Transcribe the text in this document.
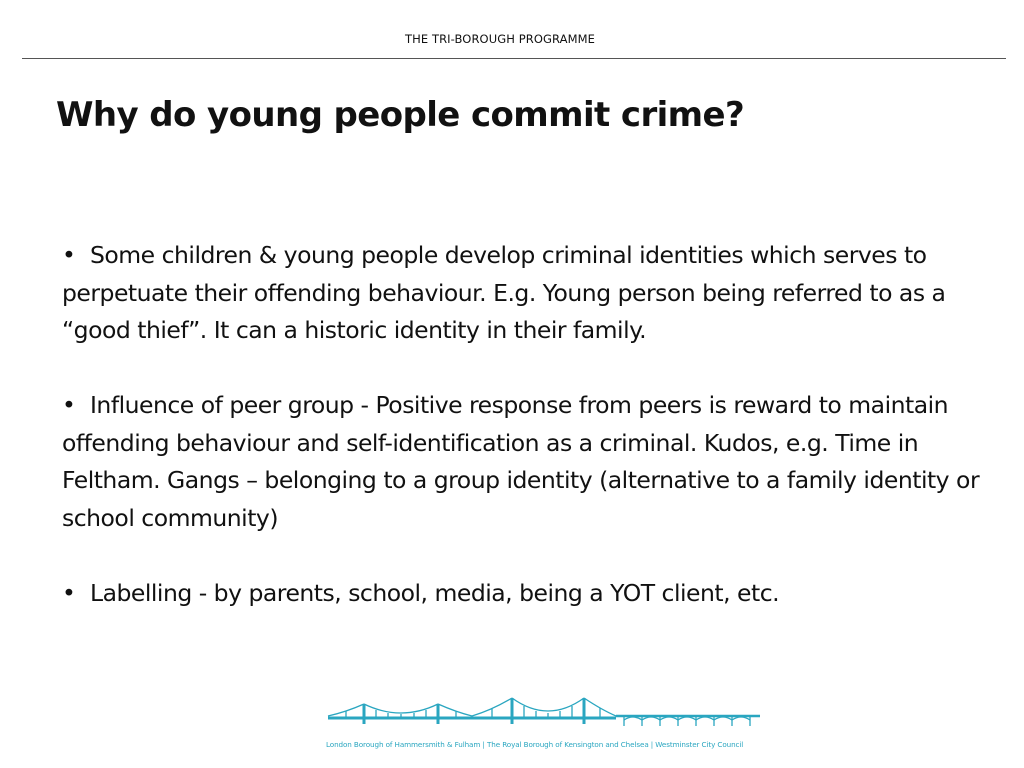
THE TRI-BOROUGH PROGRAMME
Why do young people commit crime?
• Some children & young people develop criminal identities which serves to perpetuate their offending behaviour. E.g. Young person being referred to as a “good thief”. It can a historic identity in their family.
• Influence of peer group - Positive response from peers is reward to maintain offending behaviour and self-identification as a criminal. Kudos, e.g. Time in Feltham. Gangs – belonging to a group identity (alternative to a family identity or school community)
• Labelling - by parents, school, media, being a YOT client, etc.
London Borough of Hammersmith & Fulham | The Royal Borough of Kensington and Chelsea | Westminster City Council
